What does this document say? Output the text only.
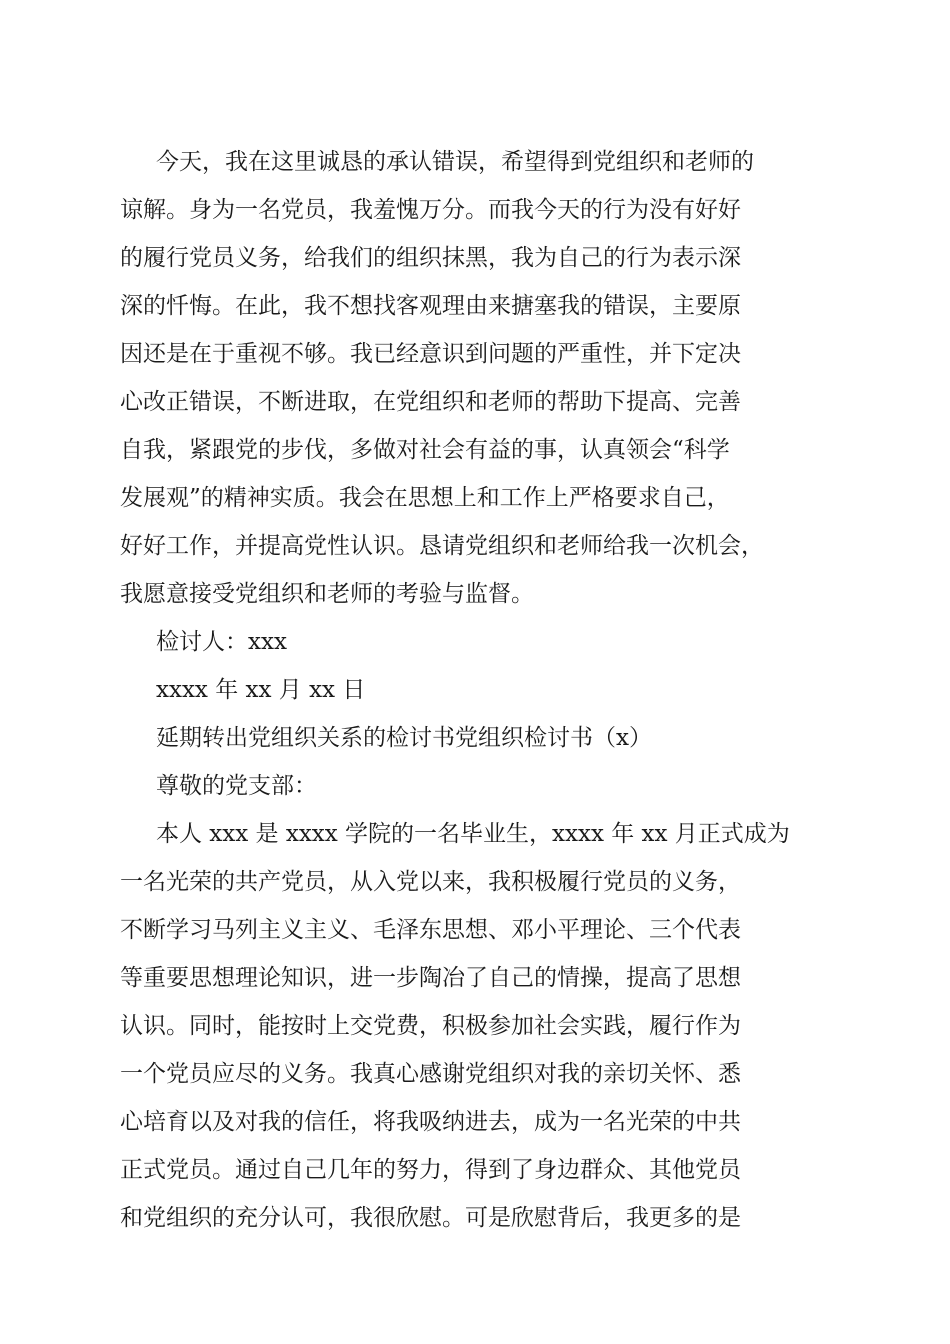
今天，我在这里诚恳的承认错误，希望得到党组织和老师的
谅解。身为一名党员，我羞愧万分。而我今天的行为没有好好
的履行党员义务，给我们的组织抹黑，我为自己的行为表示深
深的忏悔。在此，我不想找客观理由来搪塞我的错误，主要原
因还是在于重视不够。我已经意识到问题的严重性，并下定决
心改正错误，不断进取，在党组织和老师的帮助下提高、完善
自我，紧跟党的步伐，多做对社会有益的事，认真领会“科学
发展观”的精神实质。我会在思想上和工作上严格要求自己，
好好工作，并提高党性认识。恳请党组织和老师给我一次机会，
我愿意接受党组织和老师的考验与监督。
检讨人：xxx
xxxx 年 xx 月 xx 日
延期转出党组织关系的检讨书党组织检讨书（x）
尊敬的党支部：
本人 xxx 是 xxxx 学院的一名毕业生，xxxx 年 xx 月正式成为
一名光荣的共产党员，从入党以来，我积极履行党员的义务，
不断学习马列主义主义、毛泽东思想、邓小平理论、三个代表
等重要思想理论知识，进一步陶冶了自己的情操，提高了思想
认识。同时，能按时上交党费，积极参加社会实践，履行作为
一个党员应尽的义务。我真心感谢党组织对我的亲切关怀、悉
心培育以及对我的信任，将我吸纳进去，成为一名光荣的中共
正式党员。通过自己几年的努力，得到了身边群众、其他党员
和党组织的充分认可，我很欣慰。可是欣慰背后，我更多的是
